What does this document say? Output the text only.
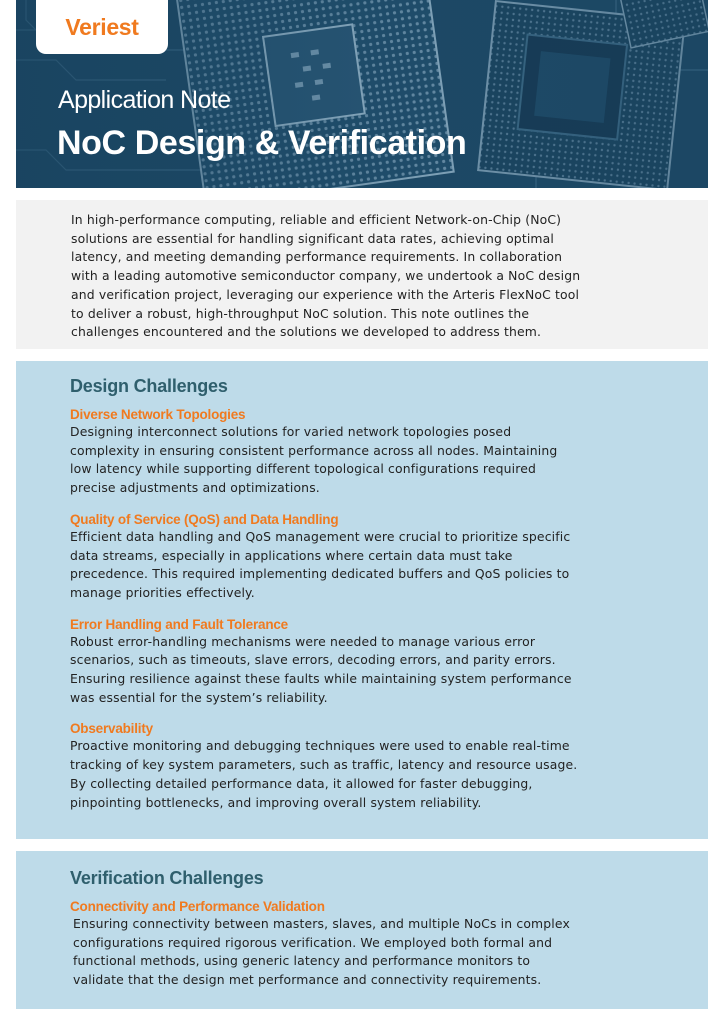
Veriest
Application Note
NoC Design & Verification
In high-performance computing, reliable and efficient Network-on-Chip (NoC)
solutions are essential for handling significant data rates, achieving optimal
latency, and meeting demanding performance requirements. In collaboration
with a leading automotive semiconductor company, we undertook a NoC design
and verification project, leveraging our experience with the Arteris FlexNoC tool
to deliver a robust, high-throughput NoC solution. This note outlines the
challenges encountered and the solutions we developed to address them.
Design Challenges
Diverse Network Topologies
Designing interconnect solutions for varied network topologies posed
complexity in ensuring consistent performance across all nodes. Maintaining
low latency while supporting different topological configurations required
precise adjustments and optimizations.
Quality of Service (QoS) and Data Handling
Efficient data handling and QoS management were crucial to prioritize specific
data streams, especially in applications where certain data must take
precedence. This required implementing dedicated buffers and QoS policies to
manage priorities effectively.
Error Handling and Fault Tolerance
Robust error-handling mechanisms were needed to manage various error
scenarios, such as timeouts, slave errors, decoding errors, and parity errors.
Ensuring resilience against these faults while maintaining system performance
was essential for the system’s reliability.
Observability
Proactive monitoring and debugging techniques were used to enable real-time
tracking of key system parameters, such as traffic, latency and resource usage.
By collecting detailed performance data, it allowed for faster debugging,
pinpointing bottlenecks, and improving overall system reliability.
Verification Challenges
Connectivity and Performance Validation
Ensuring connectivity between masters, slaves, and multiple NoCs in complex
configurations required rigorous verification. We employed both formal and
functional methods, using generic latency and performance monitors to
validate that the design met performance and connectivity requirements.
